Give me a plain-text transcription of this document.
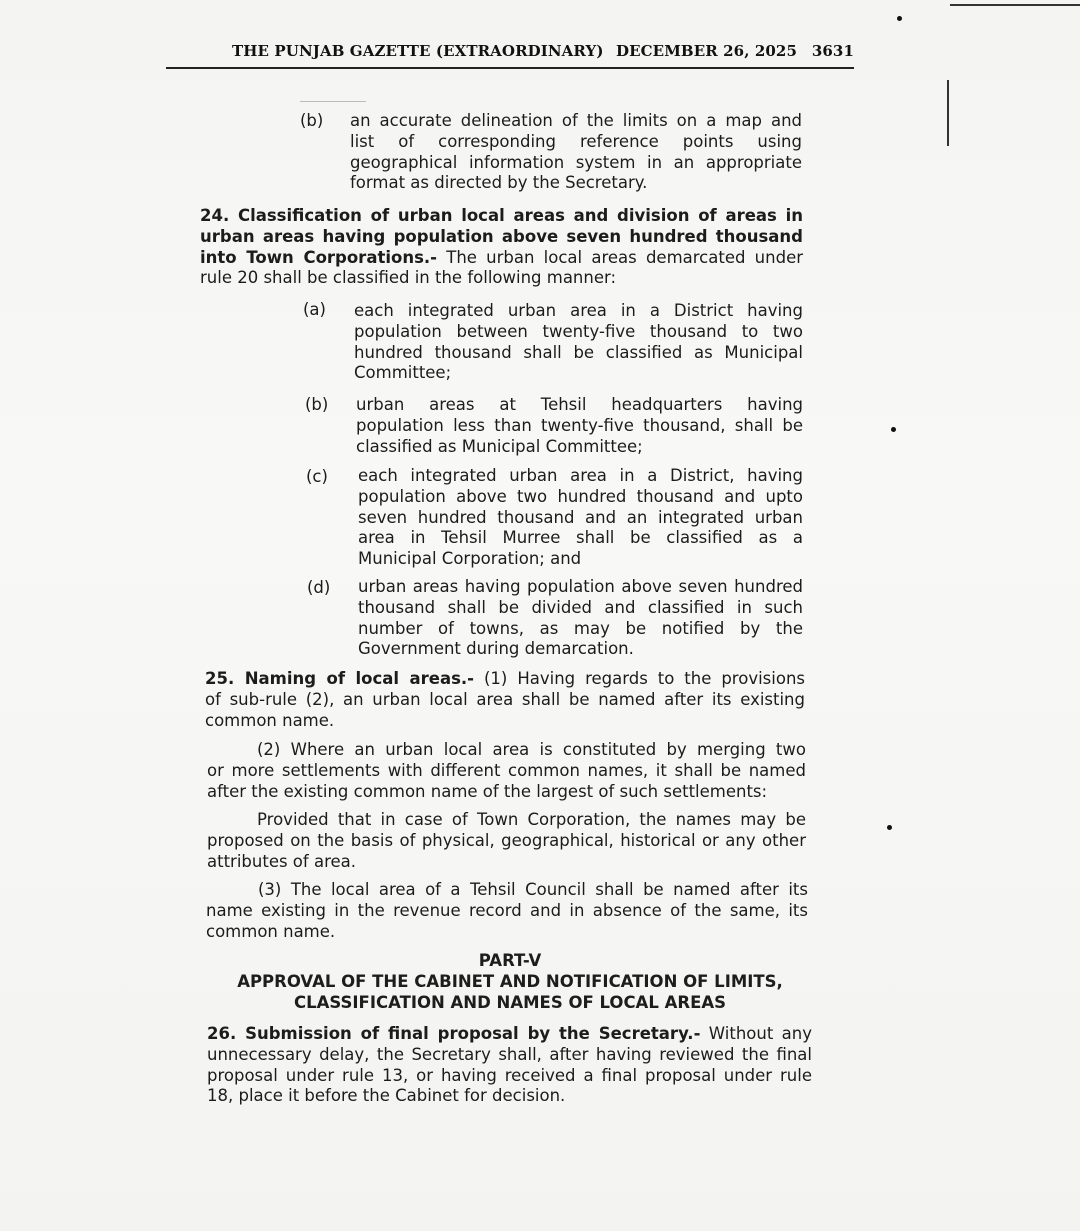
THE PUNJAB GAZETTE (EXTRAORDINARY) DECEMBER 26, 2025 3631
(b) an accurate delineation of the limits on a map and
list of corresponding reference points using
geographical information system in an appropriate
format as directed by the Secretary.
24. Classification of urban local areas and division of areas in
urban areas having population above seven hundred thousand
into Town Corporations.- The urban local areas demarcated under
rule 20 shall be classified in the following manner:
(a) each integrated urban area in a District having
population between twenty-five thousand to two
hundred thousand shall be classified as Municipal
Committee;
(b) urban areas at Tehsil headquarters having
population less than twenty-five thousand, shall be
classified as Municipal Committee;
(c) each integrated urban area in a District, having
population above two hundred thousand and upto
seven hundred thousand and an integrated urban
area in Tehsil Murree shall be classified as a
Municipal Corporation; and
(d) urban areas having population above seven hundred
thousand shall be divided and classified in such
number of towns, as may be notified by the
Government during demarcation.
25. Naming of local areas.- (1) Having regards to the provisions
of sub-rule (2), an urban local area shall be named after its existing
common name.
(2) Where an urban local area is constituted by merging two
or more settlements with different common names, it shall be named
after the existing common name of the largest of such settlements:
Provided that in case of Town Corporation, the names may be
proposed on the basis of physical, geographical, historical or any other
attributes of area.
(3) The local area of a Tehsil Council shall be named after its
name existing in the revenue record and in absence of the same, its
common name.
PART-V
APPROVAL OF THE CABINET AND NOTIFICATION OF LIMITS,
CLASSIFICATION AND NAMES OF LOCAL AREAS
26. Submission of final proposal by the Secretary.- Without any
unnecessary delay, the Secretary shall, after having reviewed the final
proposal under rule 13, or having received a final proposal under rule
18, place it before the Cabinet for decision.
